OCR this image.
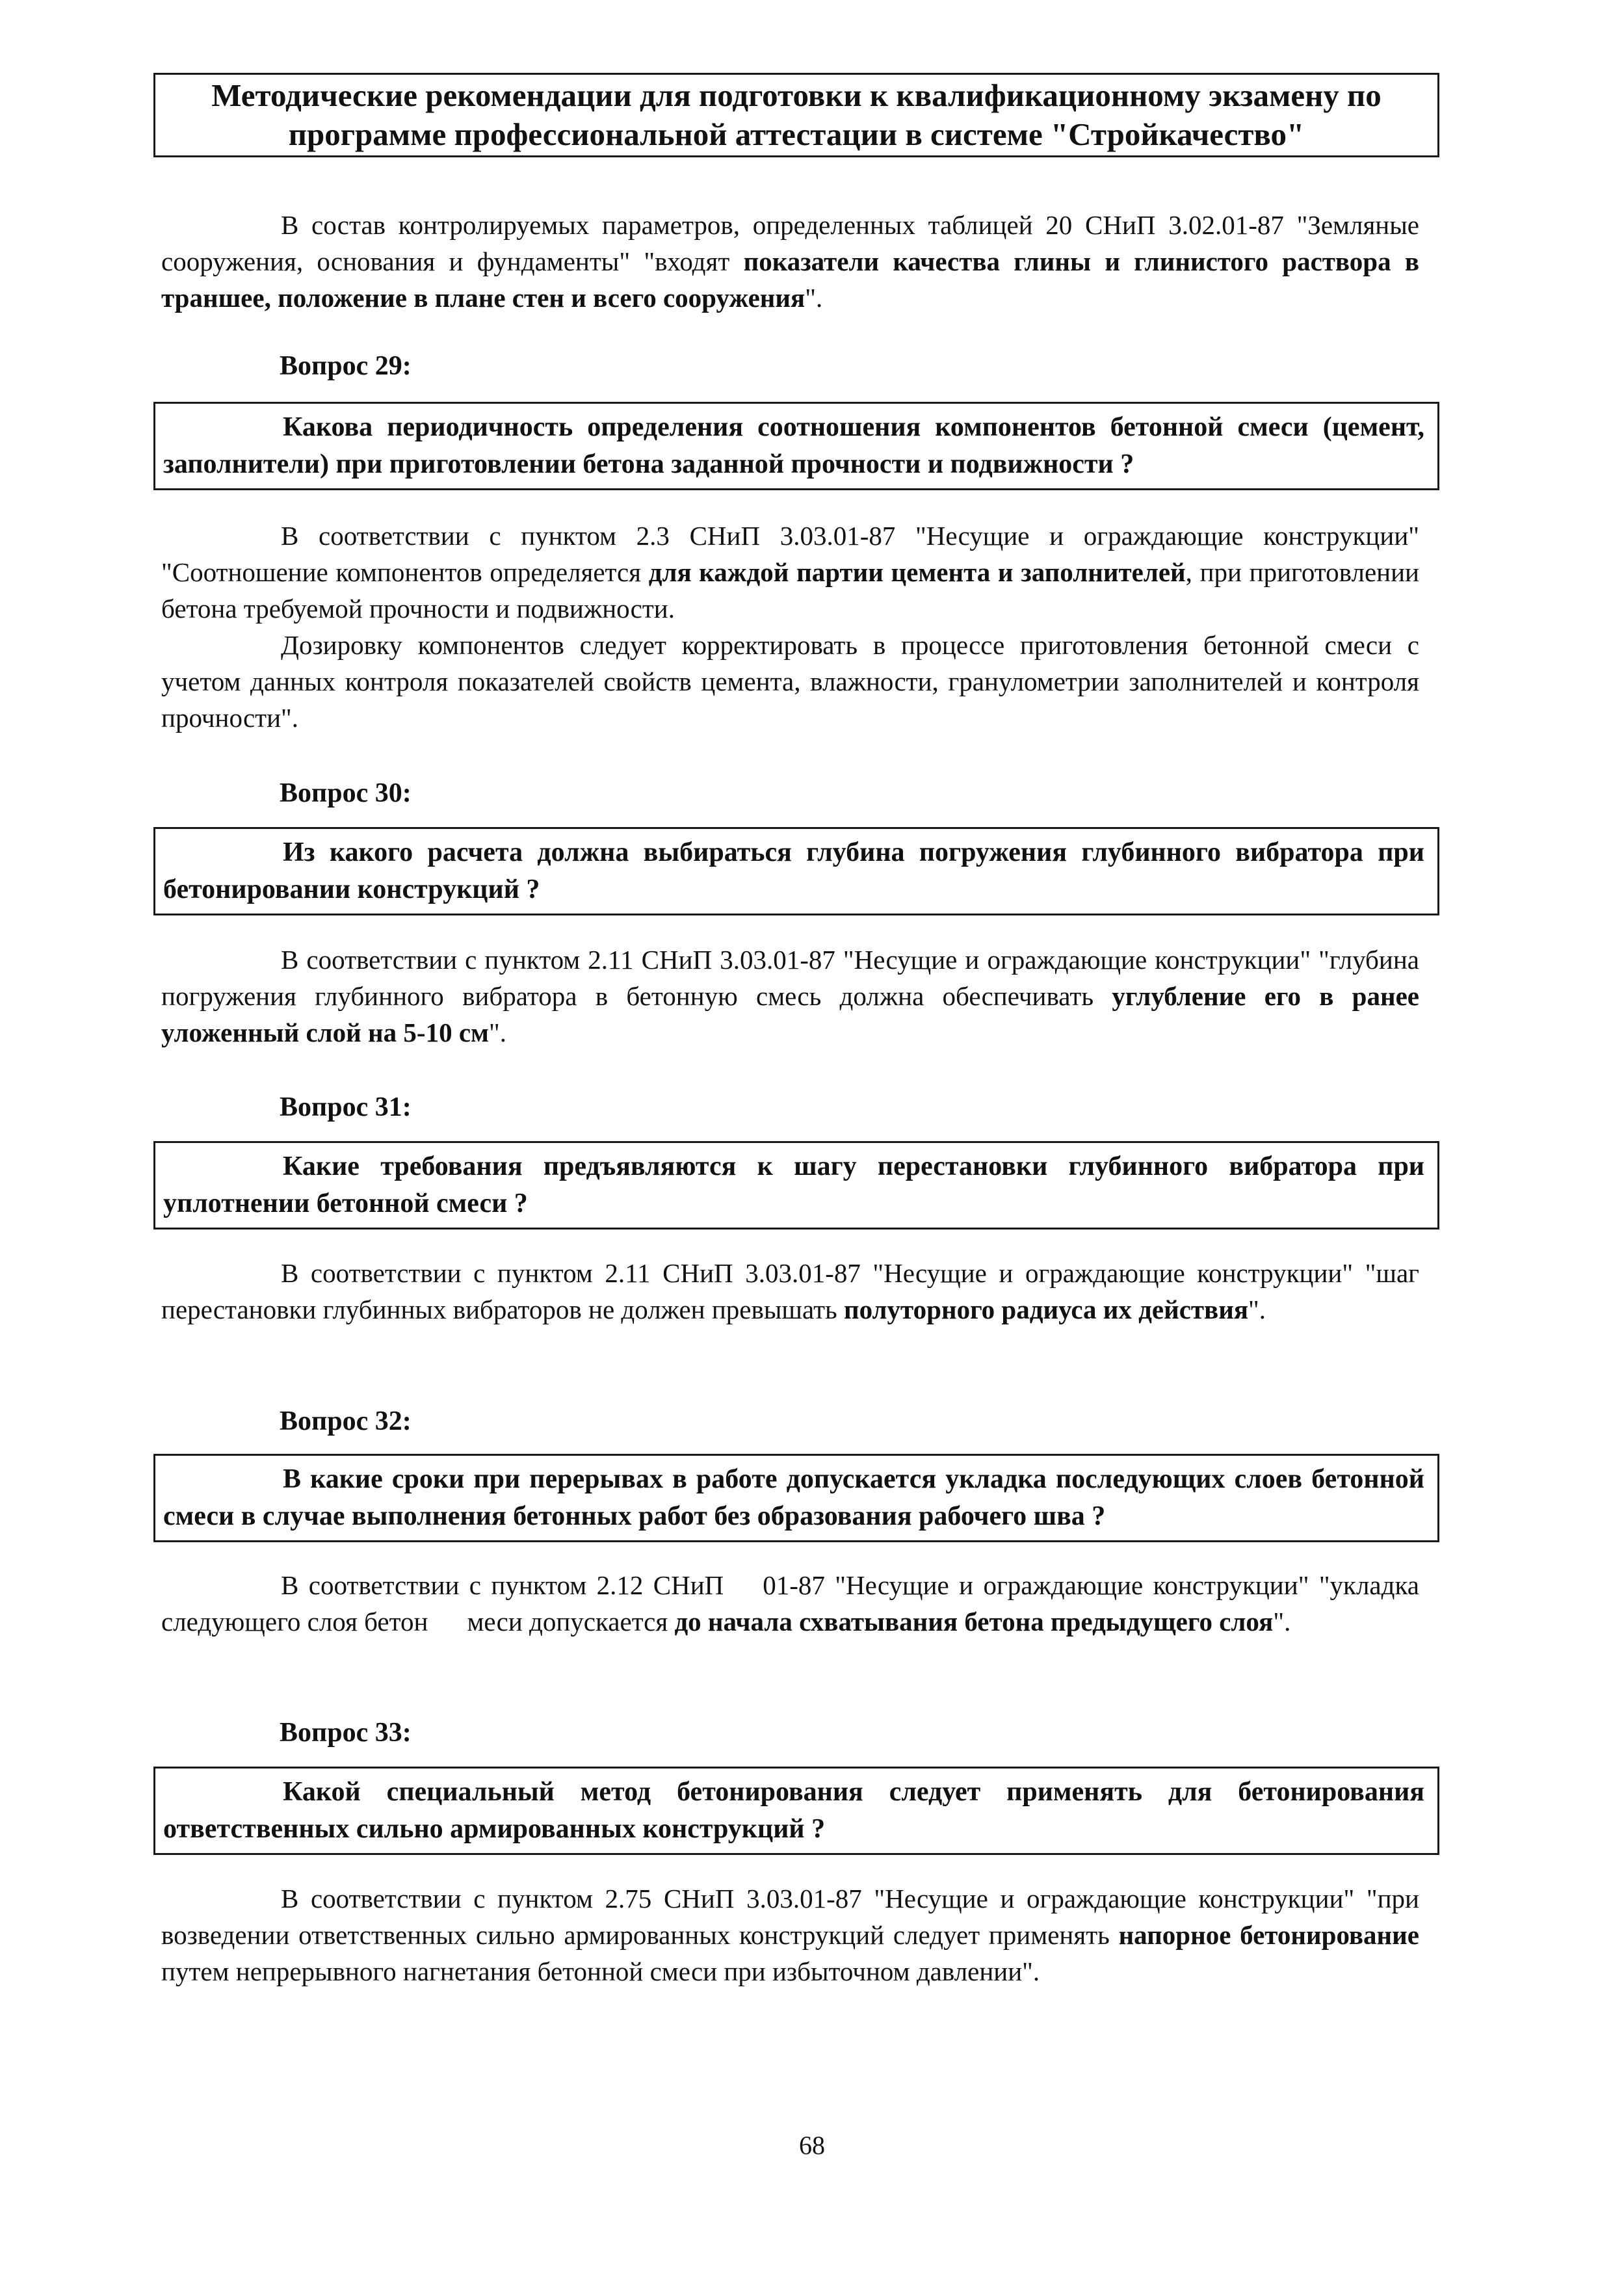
Методические рекомендации для подготовки к квалификационному экзамену по
программе профессиональной аттестации в системе "Стройкачество"

В состав контролируемых параметров, определенных таблицей 20 СНиП 3.02.01-87 "Земляные сооружения, основания и фундаменты" "входят показатели качества глины и глинистого раствора в траншее, положение в плане стен и всего сооружения".

Вопрос 29:

Какова периодичность определения соотношения компонентов бетонной смеси (цемент, заполнители) при приготовлении бетона заданной прочности и подвижности ?

В соответствии с пунктом 2.3 СНиП 3.03.01-87 "Несущие и ограждающие конструкции" "Соотношение компонентов определяется для каждой партии цемента и заполнителей, при приготовлении бетона требуемой прочности и подвижности.

Дозировку компонентов следует корректировать в процессе приготовления бетонной смеси с учетом данных контроля показателей свойств цемента, влажности, гранулометрии заполнителей и контроля прочности".

Вопрос 30:

Из какого расчета должна выбираться глубина погружения глубинного вибратора при бетонировании конструкций ?

В соответствии с пунктом 2.11 СНиП 3.03.01-87 "Несущие и ограждающие конструкции" "глубина погружения глубинного вибратора в бетонную смесь должна обеспечивать углубление его в ранее уложенный слой на 5-10 см".

Вопрос 31:

Какие требования предъявляются к шагу перестановки глубинного вибратора при уплотнении бетонной смеси ?

В соответствии с пунктом 2.11 СНиП 3.03.01-87 "Несущие и ограждающие конструкции" "шаг перестановки глубинных вибраторов не должен превышать полуторного радиуса их действия".

Вопрос 32:

В какие сроки при перерывах в работе допускается укладка последующих слоев бетонной смеси в случае выполнения бетонных работ без образования рабочего шва ?

В соответствии с пунктом 2.12 СНиП 01-87 "Несущие и ограждающие конструкции" "укладка следующего слоя бетон меси допускается до начала схватывания бетона предыдущего слоя".

Вопрос 33:

Какой специальный метод бетонирования следует применять для бетонирования ответственных сильно армированных конструкций ?

В соответствии с пунктом 2.75 СНиП 3.03.01-87 "Несущие и ограждающие конструкции" "при возведении ответственных сильно армированных конструкций следует применять напорное бетонирование путем непрерывного нагнетания бетонной смеси при избыточном давлении".

68
